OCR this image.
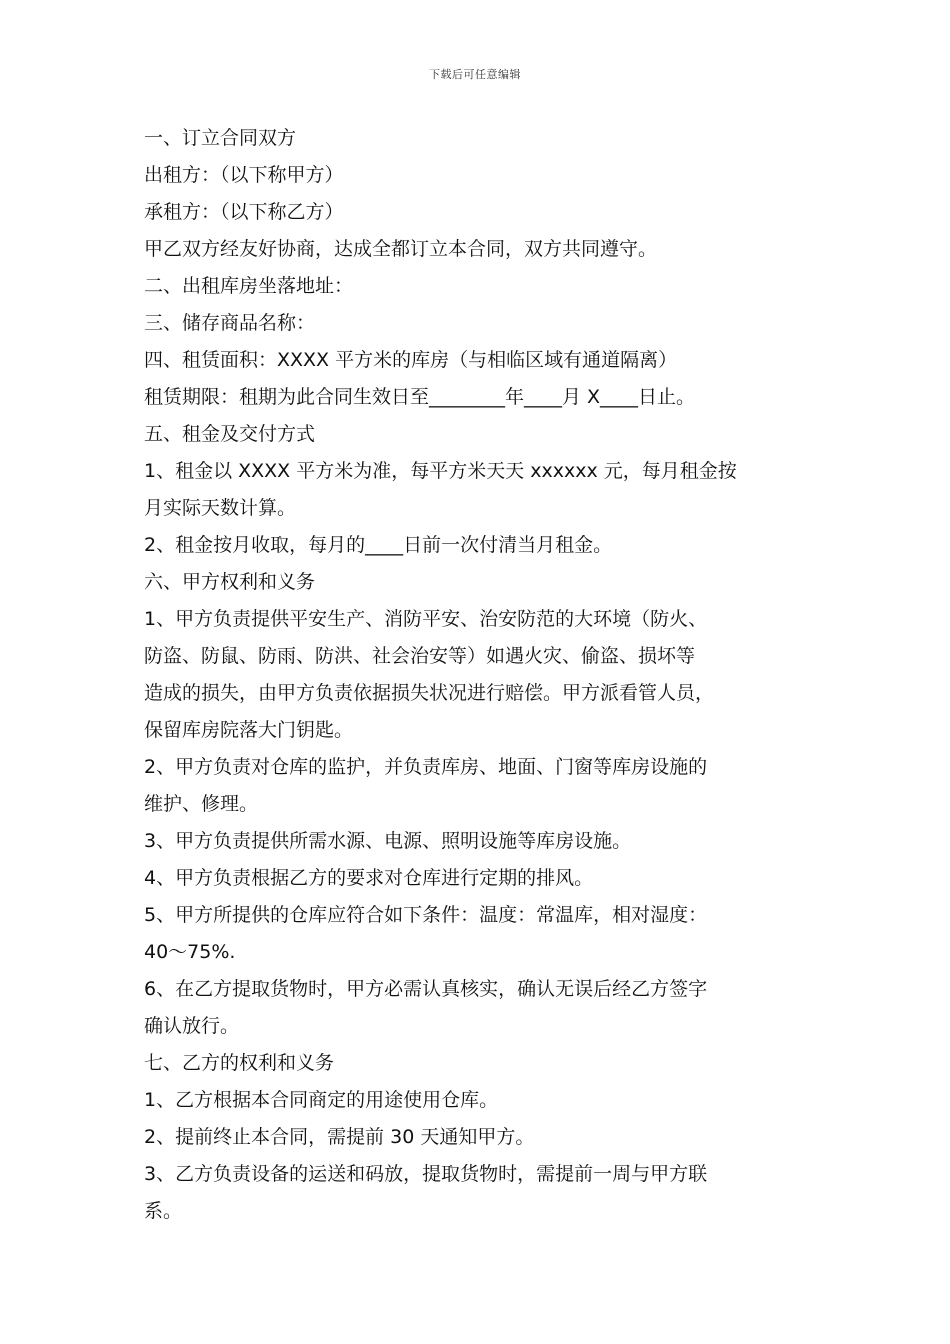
下载后可任意编辑

一、订立合同双方

出租方：（以下称甲方）

承租方：（以下称乙方）

甲乙双方经友好协商，达成全都订立本合同，双方共同遵守。

二、出租库房坐落地址：

三、储存商品名称：

四、租赁面积：XXXX 平方米的库房（与相临区域有通道隔离）

租赁期限：租期为此合同生效日至________年____月 X____日止。

五、租金及交付方式

1、租金以 XXXX 平方米为准，每平方米天天 xxxxxx 元，每月租金按

月实际天数计算。

2、租金按月收取，每月的____日前一次付清当月租金。

六、甲方权利和义务

1、甲方负责提供平安生产、消防平安、治安防范的大环境（防火、

防盗、防鼠、防雨、防洪、社会治安等）如遇火灾、偷盗、损坏等

造成的损失，由甲方负责依据损失状况进行赔偿。甲方派看管人员，

保留库房院落大门钥匙。

2、甲方负责对仓库的监护，并负责库房、地面、门窗等库房设施的

维护、修理。

3、甲方负责提供所需水源、电源、照明设施等库房设施。

4、甲方负责根据乙方的要求对仓库进行定期的排风。

5、甲方所提供的仓库应符合如下条件：温度：常温库，相对湿度：

40～75%.

6、在乙方提取货物时，甲方必需认真核实，确认无误后经乙方签字

确认放行。

七、乙方的权利和义务

1、乙方根据本合同商定的用途使用仓库。

2、提前终止本合同，需提前 30 天通知甲方。

3、乙方负责设备的运送和码放，提取货物时，需提前一周与甲方联

系。
